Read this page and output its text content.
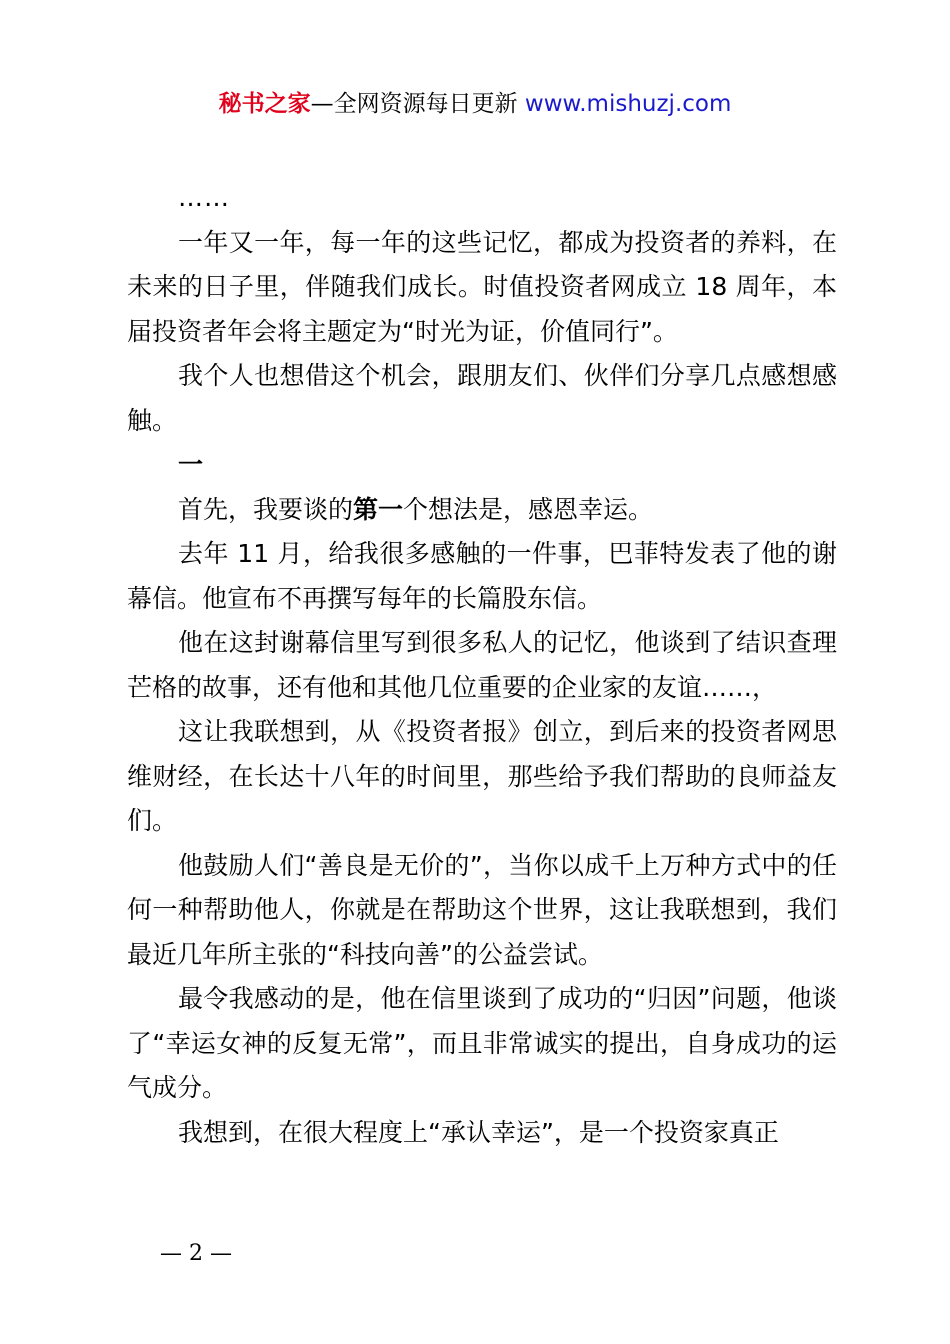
秘书之家—全网资源每日更新 www.mishuzj.com

……

一年又一年，每一年的这些记忆，都成为投资者的养料，在未来的日子里，伴随我们成长。时值投资者网成立 18 周年，本届投资者年会将主题定为“时光为证，价值同行”。

我个人也想借这个机会，跟朋友们、伙伴们分享几点感想感触。

一

首先，我要谈的第一个想法是，感恩幸运。

去年 11 月，给我很多感触的一件事，巴菲特发表了他的谢幕信。他宣布不再撰写每年的长篇股东信。

他在这封谢幕信里写到很多私人的记忆，他谈到了结识查理芒格的故事，还有他和其他几位重要的企业家的友谊……，

这让我联想到，从《投资者报》创立，到后来的投资者网思维财经，在长达十八年的时间里，那些给予我们帮助的良师益友们。

他鼓励人们“善良是无价的”，当你以成千上万种方式中的任何一种帮助他人，你就是在帮助这个世界，这让我联想到，我们最近几年所主张的“科技向善”的公益尝试。

最令我感动的是，他在信里谈到了成功的“归因”问题，他谈了“幸运女神的反复无常”，而且非常诚实的提出，自身成功的运气成分。

我想到，在很大程度上“承认幸运”，是一个投资家真正

— 2 —
